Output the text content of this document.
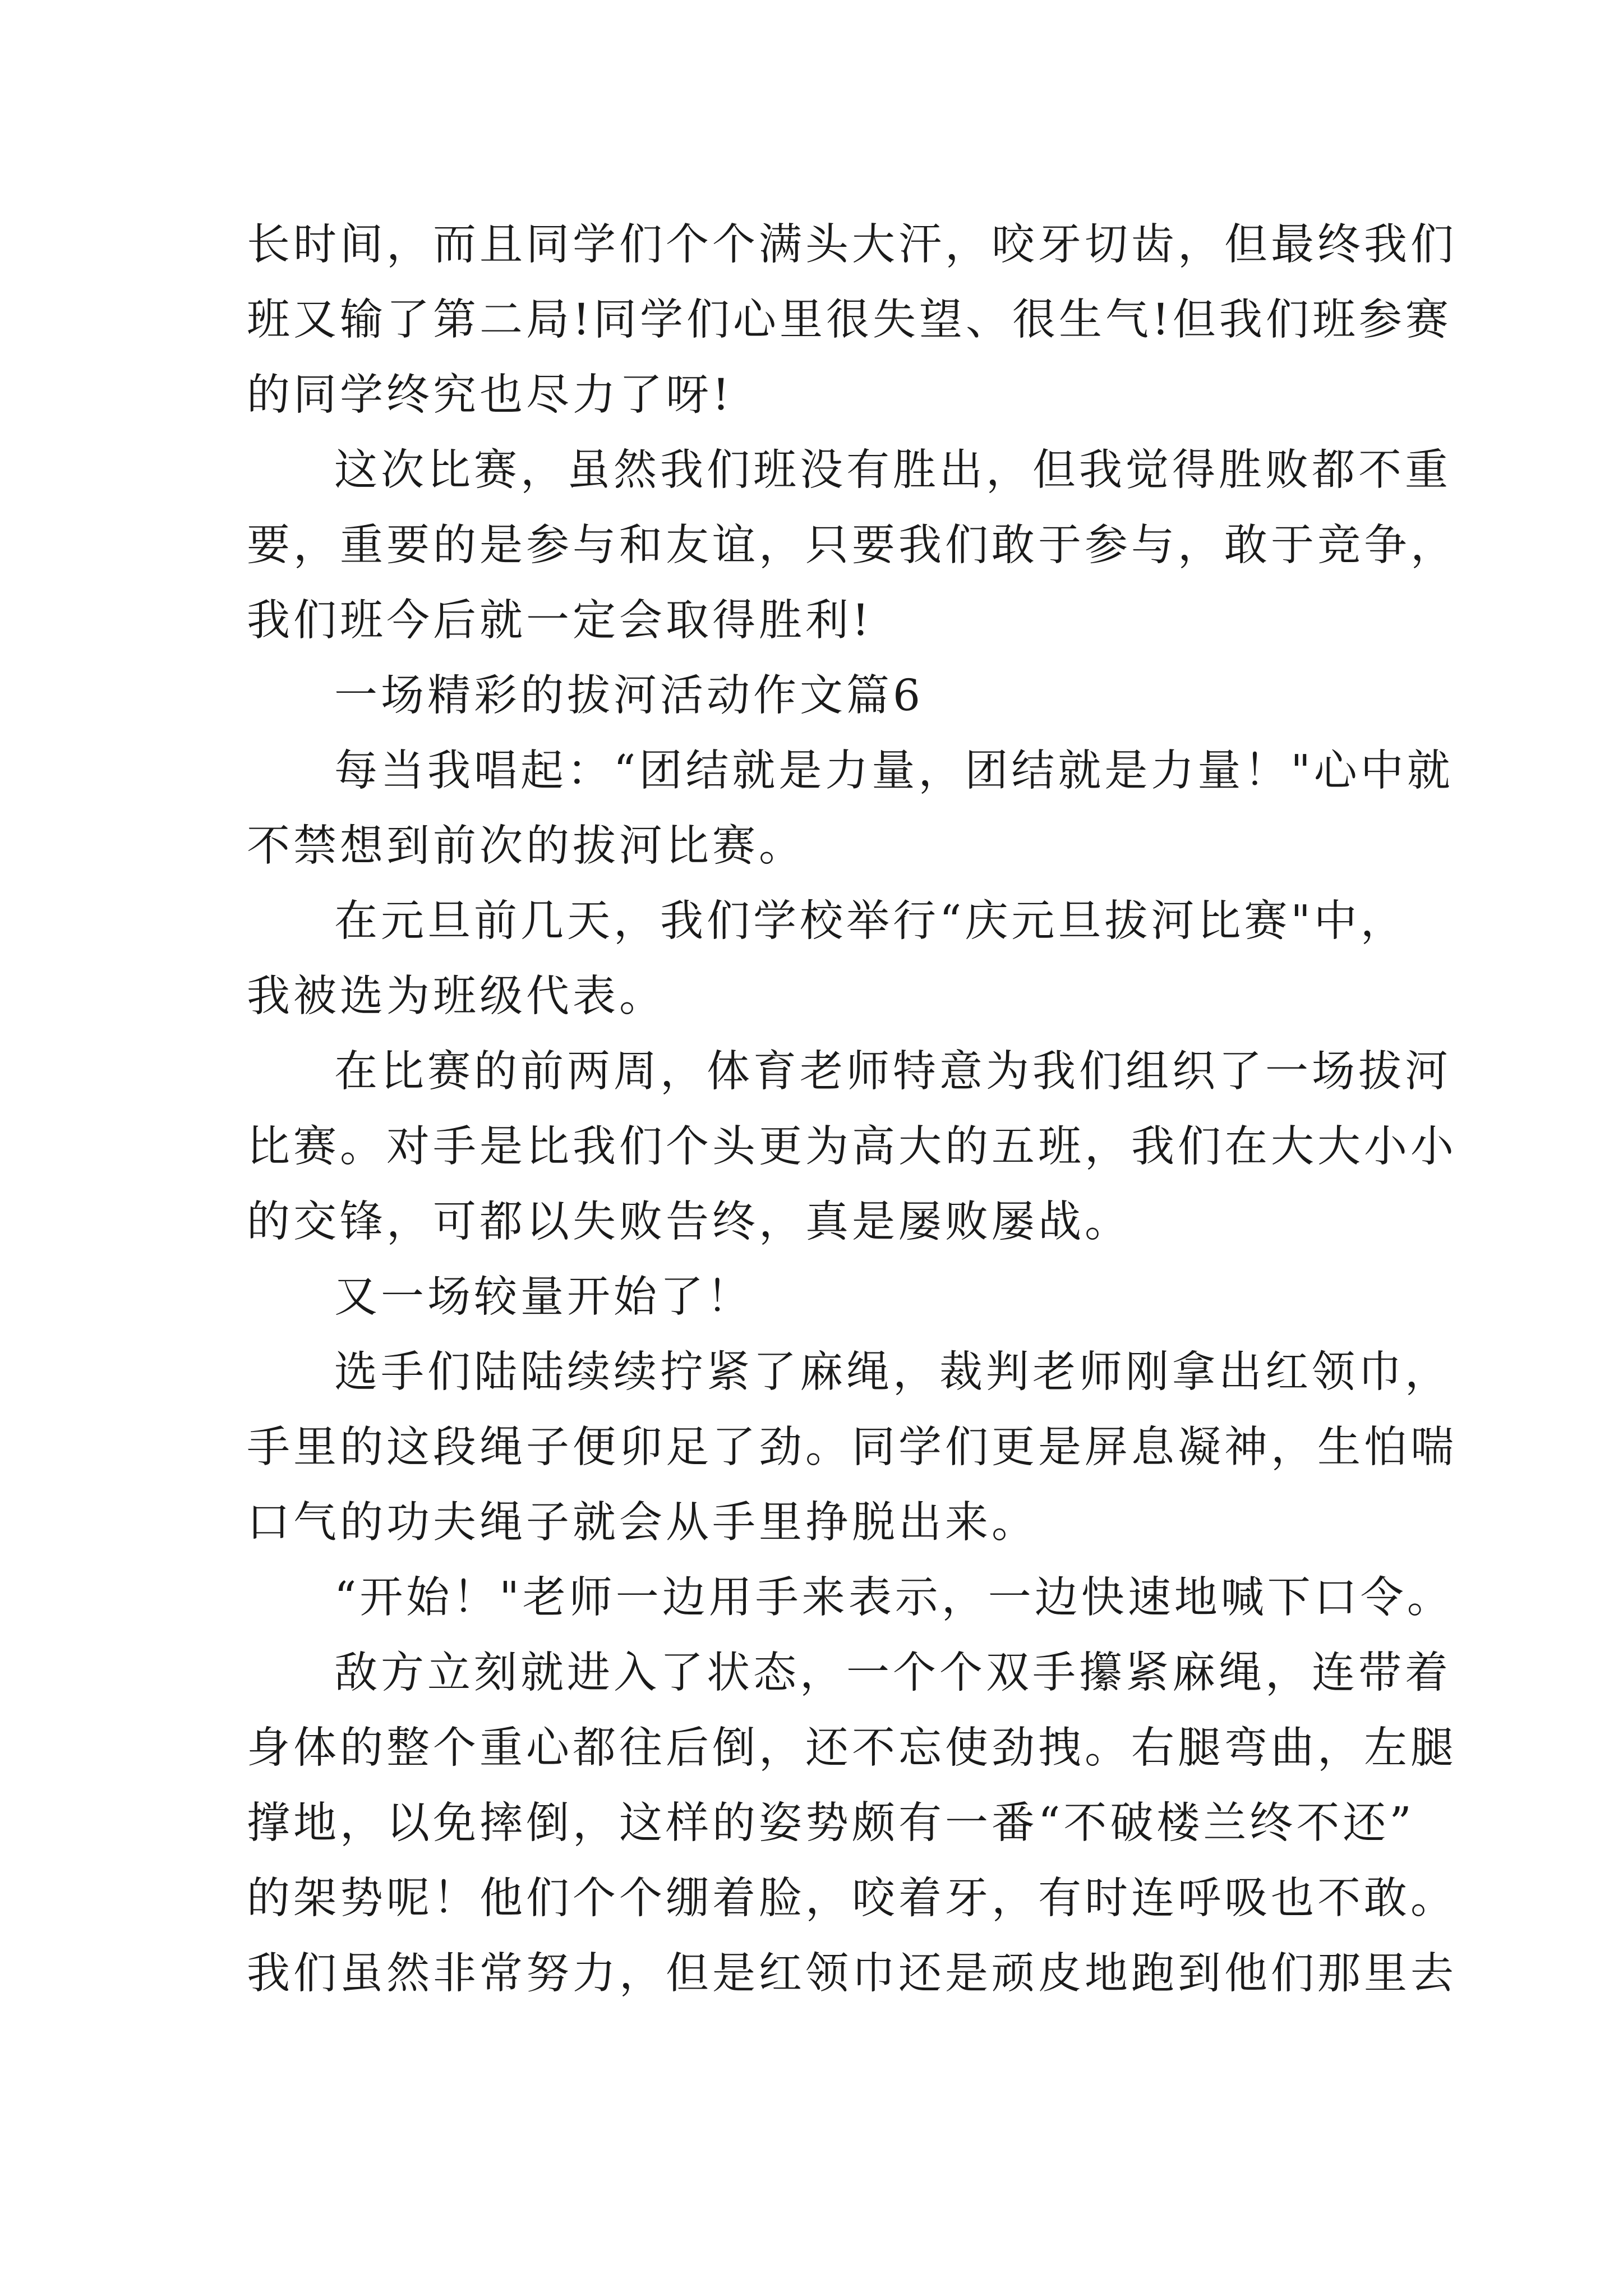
长时间，而且同学们个个满头大汗，咬牙切齿，但最终我们
班又输了第二局!同学们心里很失望、很生气!但我们班参赛
的同学终究也尽力了呀!
这次比赛，虽然我们班没有胜出，但我觉得胜败都不重
要，重要的是参与和友谊，只要我们敢于参与，敢于竞争，
我们班今后就一定会取得胜利!
一场精彩的拔河活动作文篇6
每当我唱起：“团结就是力量，团结就是力量！"心中就
不禁想到前次的拔河比赛。
在元旦前几天，我们学校举行“庆元旦拔河比赛"中，
我被选为班级代表。
在比赛的前两周，体育老师特意为我们组织了一场拔河
比赛。对手是比我们个头更为高大的五班，我们在大大小小
的交锋，可都以失败告终，真是屡败屡战。
又一场较量开始了！
选手们陆陆续续拧紧了麻绳，裁判老师刚拿出红领巾，
手里的这段绳子便卯足了劲。同学们更是屏息凝神，生怕喘
口气的功夫绳子就会从手里挣脱出来。
“开始！"老师一边用手来表示，一边快速地喊下口令。
敌方立刻就进入了状态，一个个双手攥紧麻绳，连带着
身体的整个重心都往后倒，还不忘使劲拽。右腿弯曲，左腿
撑地，以免摔倒，这样的姿势颇有一番“不破楼兰终不还”
的架势呢！他们个个绷着脸，咬着牙，有时连呼吸也不敢。
我们虽然非常努力，但是红领巾还是顽皮地跑到他们那里去
